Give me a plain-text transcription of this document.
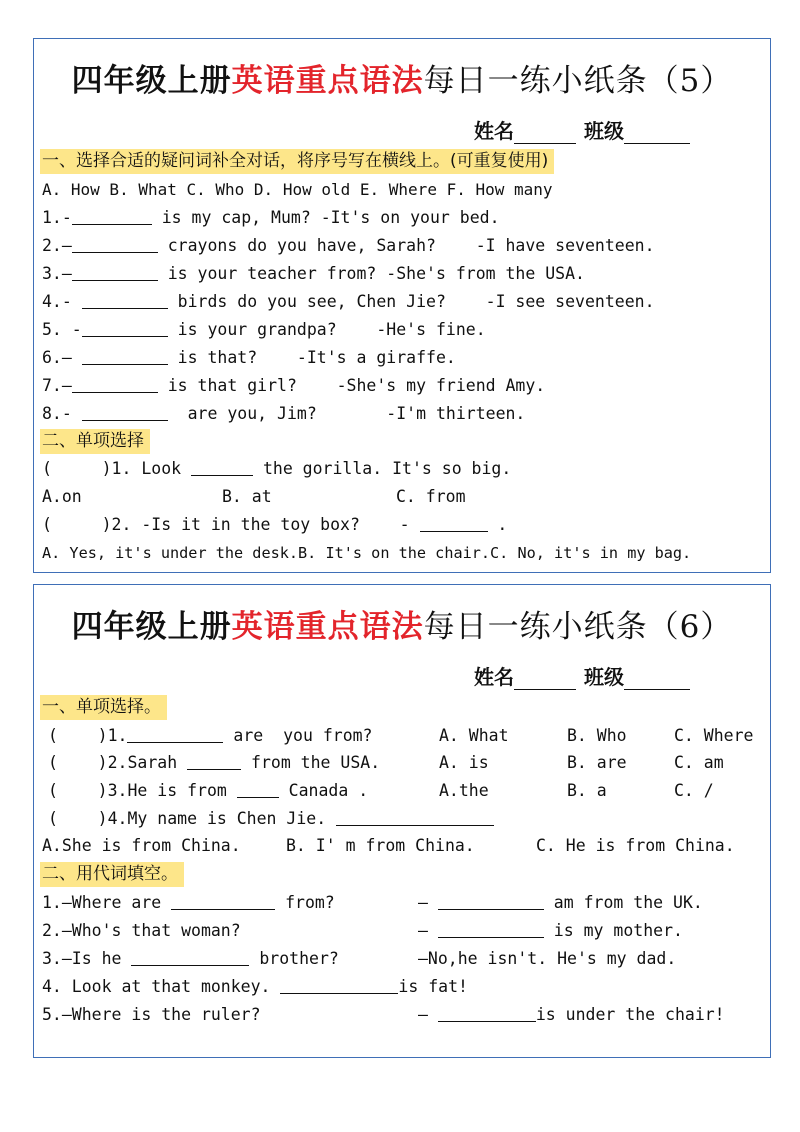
四年级上册英语重点语法每日一练小纸条（5）
姓名	班级
一、选择合适的疑问词补全对话，将序号写在横线上。(可重复使用)
A. How B. What C. Who D. How old E. Where F. How many
1.-	is my cap, Mum? -It's on your bed.
2.—	crayons do you have, Sarah?    -I have seventeen.
3.—	is your teacher from? -She's from the USA.
4.-	birds do you see, Chen Jie?    -I see seventeen.
5. -	is your grandpa?    -He's fine.
6.—	is that?    -It's a giraffe.
7.—	is that girl?    -She's my friend Amy.
8.-	are you, Jim?       -I'm thirteen.
二、单项选择
(     )1. Look	the gorilla. It's so big.
A.on	B. at	C. from
(     )2. -Is it in the toy box?    -	.
A. Yes, it's under the desk.B. It's on the chair.C. No, it's in my bag.
四年级上册英语重点语法每日一练小纸条（6）
姓名	班级
一、单项选择。
(    )1.	are  you from?	A. What	B. Who	C. Where
(    )2.Sarah	from the USA.	A. is	B. are	C. am
(    )3.He is from	Canada .	A.the	B. a	C. /
(    )4.My name is Chen Jie.
A.She is from China.	B. I' m from China.	C. He is from China.
二、用代词填空。
1.—Where are	from?	—	am from the UK.
2.—Who's that woman?	—	is my mother.
3.—Is he	brother?	—No,he isn't. He's my dad.
4. Look at that monkey.	is fat!
5.—Where is the ruler?	—	is under the chair!
